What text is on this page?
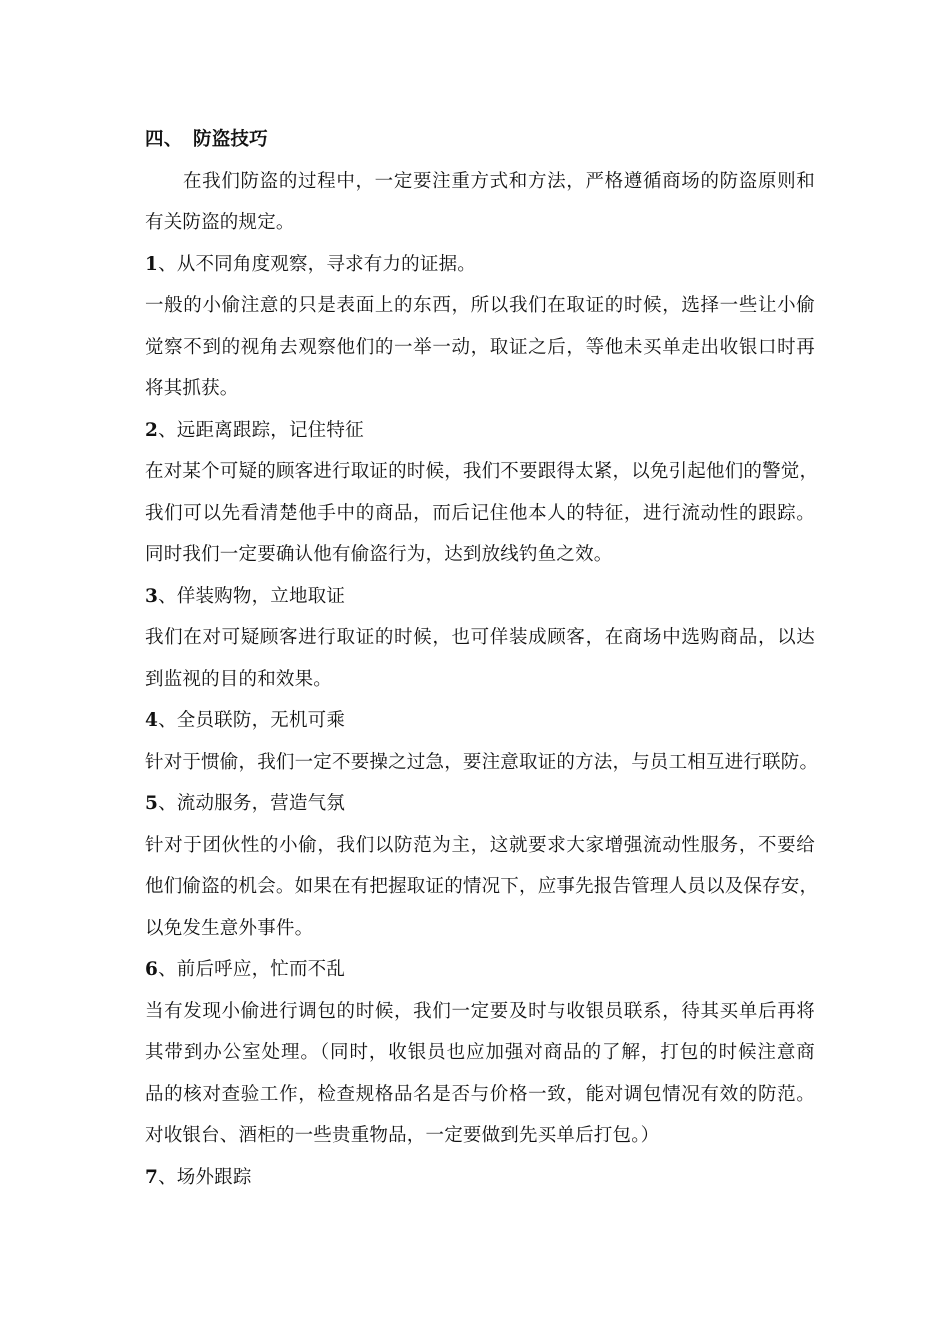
四、 防盗技巧
在我们防盗的过程中，一定要注重方式和方法，严格遵循商场的防盗原则和
有关防盗的规定。
1、从不同角度观察，寻求有力的证据。
一般的小偷注意的只是表面上的东西，所以我们在取证的时候，选择一些让小偷
觉察不到的视角去观察他们的一举一动，取证之后，等他未买单走出收银口时再
将其抓获。
2、远距离跟踪，记住特征
在对某个可疑的顾客进行取证的时候，我们不要跟得太紧，以免引起他们的警觉，
我们可以先看清楚他手中的商品，而后记住他本人的特征，进行流动性的跟踪。
同时我们一定要确认他有偷盗行为，达到放线钓鱼之效。
3、佯装购物，立地取证
我们在对可疑顾客进行取证的时候，也可佯装成顾客，在商场中选购商品，以达
到监视的目的和效果。
4、全员联防，无机可乘
针对于惯偷，我们一定不要操之过急，要注意取证的方法，与员工相互进行联防。
5、流动服务，营造气氛
针对于团伙性的小偷，我们以防范为主，这就要求大家增强流动性服务，不要给
他们偷盗的机会。如果在有把握取证的情况下，应事先报告管理人员以及保存安，
以免发生意外事件。
6、前后呼应，忙而不乱
当有发现小偷进行调包的时候，我们一定要及时与收银员联系，待其买单后再将
其带到办公室处理。（同时，收银员也应加强对商品的了解，打包的时候注意商
品的核对查验工作，检查规格品名是否与价格一致，能对调包情况有效的防范。
对收银台、酒柜的一些贵重物品，一定要做到先买单后打包。）
7、场外跟踪
